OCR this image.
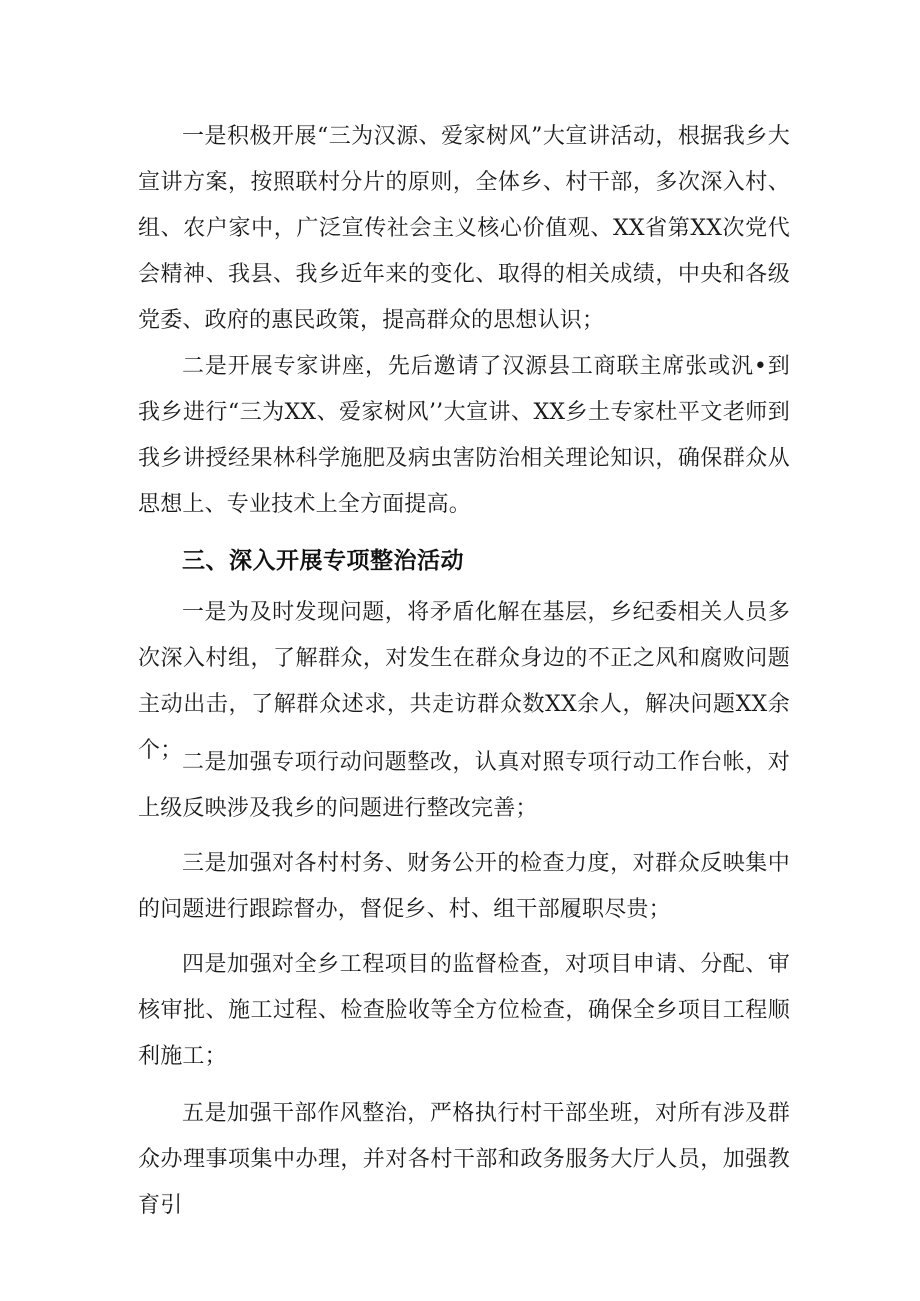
一是积极开展“三为汉源、爱家树风”大宣讲活动，根据我乡大宣讲方案，按照联村分片的原则，全体乡、村干部，多次深入村、组、农户家中，广泛宣传社会主义核心价值观、XX省第XX次党代会精神、我县、我乡近年来的变化、取得的相关成绩，中央和各级党委、政府的惠民政策，提高群众的思想认识；

二是开展专家讲座，先后邀请了汉源县工商联主席张或汎•到我乡进行“三为XX、爱家树风’’大宣讲、XX乡土专家杜平文老师到我乡讲授经果林科学施肥及病虫害防治相关理论知识，确保群众从思想上、专业技术上全方面提高。

三、深入开展专项整治活动

一是为及时发现问题，将矛盾化解在基层，乡纪委相关人员多次深入村组，了解群众，对发生在群众身边的不正之风和腐败问题主动出击，了解群众述求，共走访群众数XX余人，解决问题XX余个； 二是加强专项行动问题整改，认真对照专项行动工作台帐，对上级反映涉及我乡的问题进行整改完善；

三是加强对各村村务、财务公开的检查力度，对群众反映集中的问题进行跟踪督办，督促乡、村、组干部履职尽贵；

四是加强对全乡工程项目的监督检查，对项目申请、分配、审核审批、施工过程、检查脸收等全方位检查，确保全乡项目工程顺利施工；

五是加强干部作风整治，严格执行村干部坐班，对所有涉及群众办理事项集中办理，并对各村干部和政务服务大厅人员，加强教育引
